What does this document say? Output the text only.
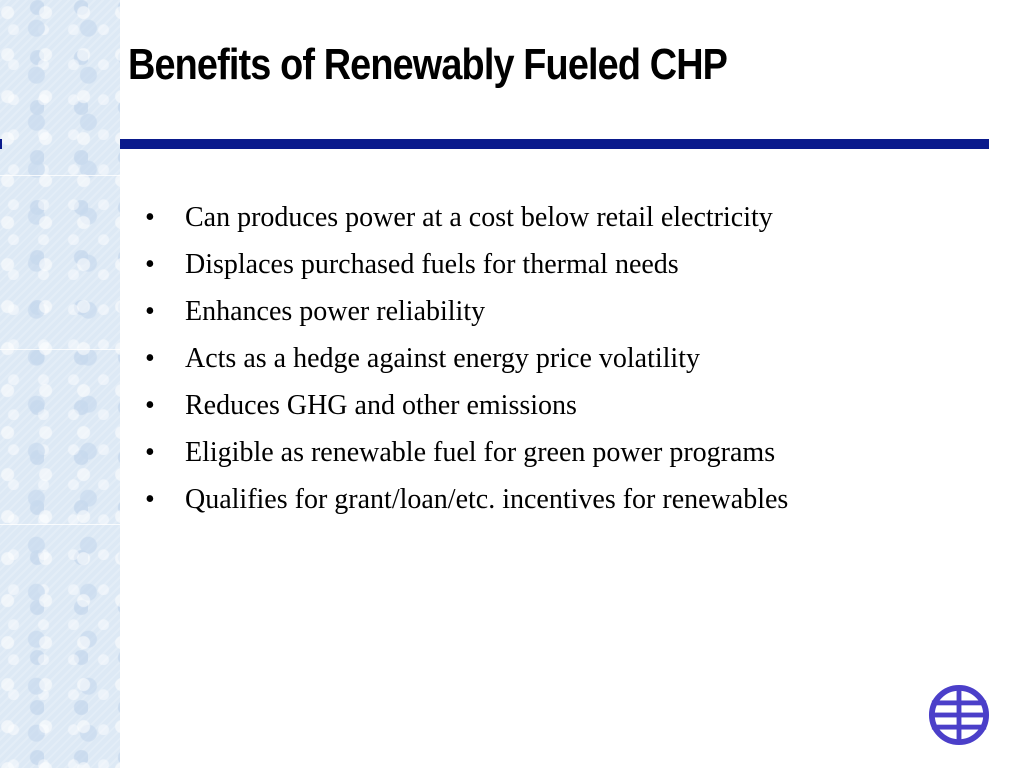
Benefits of Renewably Fueled CHP
• Can produces power at a cost below retail electricity
• Displaces purchased fuels for thermal needs
• Enhances power reliability
• Acts as a hedge against energy price volatility
• Reduces GHG and other emissions
• Eligible as renewable fuel for green power programs
• Qualifies for grant/loan/etc. incentives for renewables
